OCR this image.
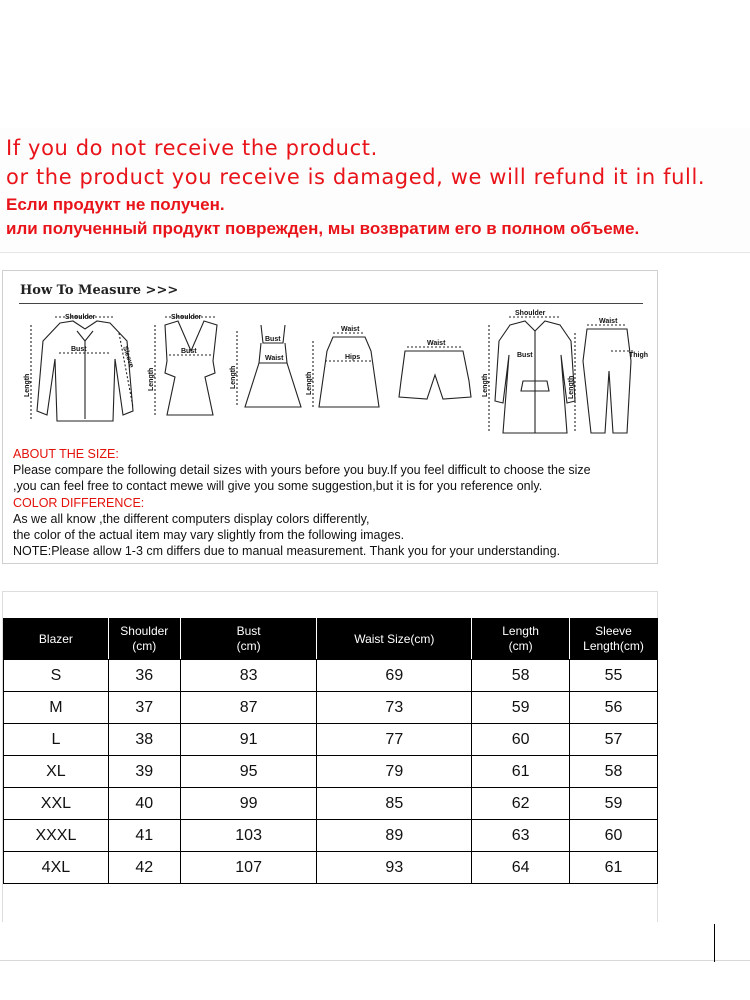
If you do not receive the product.
or the product you receive is damaged, we will refund it in full.
Если продукт не получен.
или полученный продукт поврежден, мы возвратим его в полном объеме.
How To Measure >>>
Shoulder
Bust
Shoulder
Bust
Bust
Waist
Waist
Hips
Waist
Shoulder
Bust
Waist
Thigh
Length
Sleeve
Length	Length	Length	Length	Length
ABOUT THE SIZE:
Please compare the following detail sizes with yours before you buy.If you feel difficult to choose the size
,you can feel free to contact mewe will give you some suggestion,but it is for you reference only.
COLOR DIFFERENCE:
As we all know ,the different computers display colors differently,
the color of the actual item may vary slightly from the following images.
NOTE:Please allow 1-3 cm differs due to manual measurement. Thank you for your understanding.
Blazer	Shoulder
(cm)	Bust
(cm)	Waist Size(cm)	Length
(cm)	Sleeve
Length(cm)
S	36	83	69	58	55
M	37	87	73	59	56
L	38	91	77	60	57
XL	39	95	79	61	58
XXL	40	99	85	62	59
XXXL	41	103	89	63	60
4XL	42	107	93	64	61
